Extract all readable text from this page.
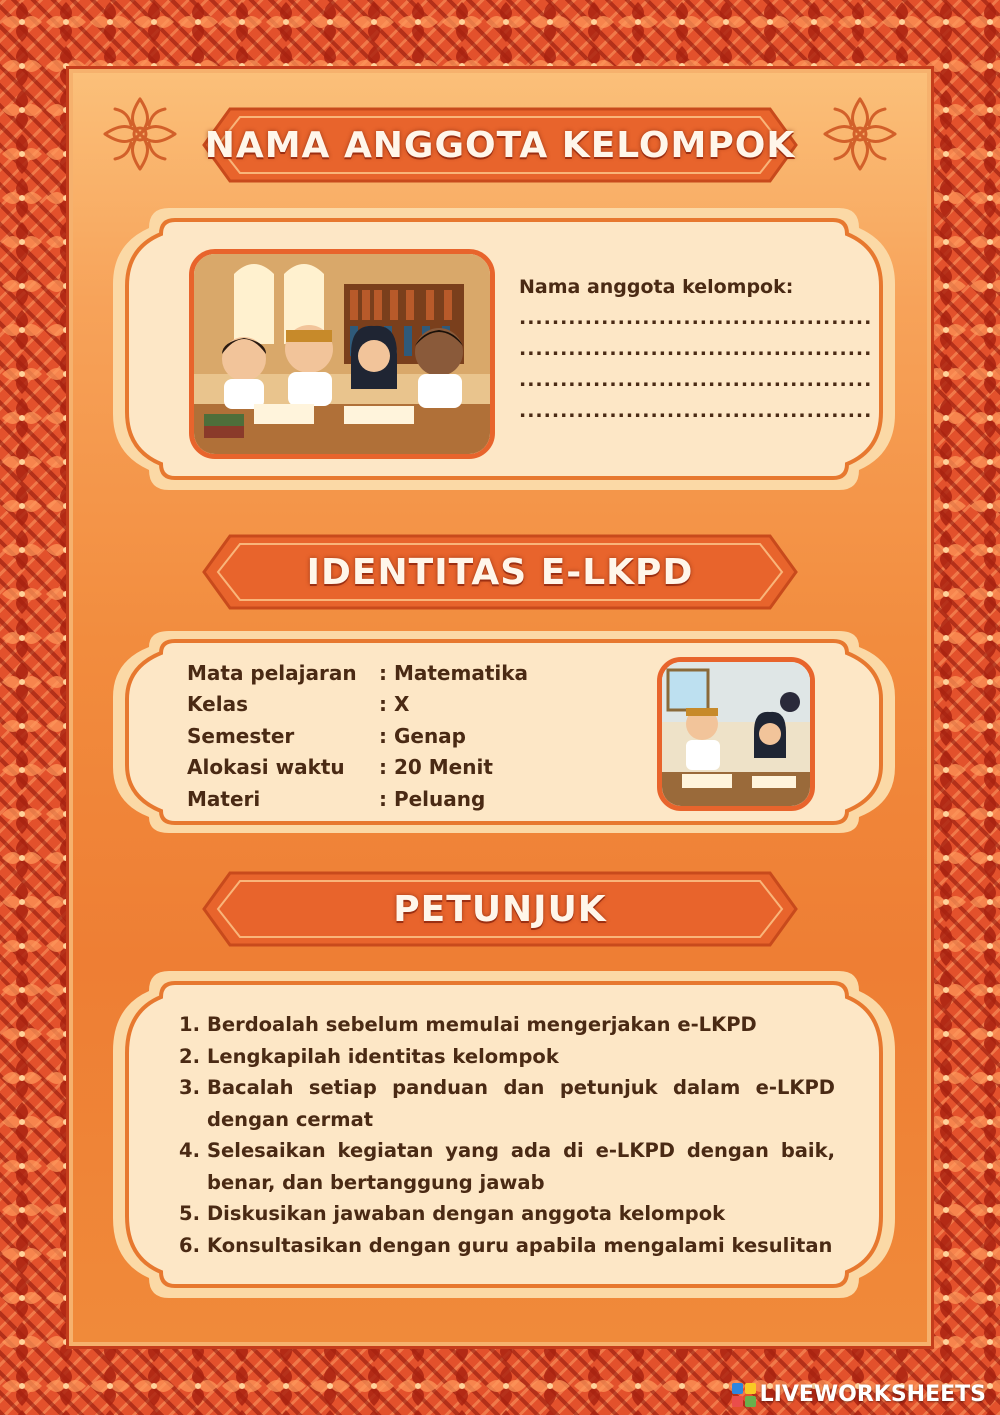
NAMA ANGGOTA KELOMPOK
Nama anggota kelompok:
...........................................
...........................................
...........................................
...........................................
IDENTITAS E-LKPD
Mata pelajaran	: Matematika
Kelas	: X
Semester	: Genap
Alokasi waktu	: 20 Menit
Materi	: Peluang
PETUNJUK
1. Berdoalah sebelum memulai mengerjakan e-LKPD
2. Lengkapilah identitas kelompok
3. Bacalah setiap panduan dan petunjuk dalam e-LKPD dengan cermat
4. Selesaikan kegiatan yang ada di e-LKPD dengan baik, benar, dan bertanggung jawab
5. Diskusikan jawaban dengan anggota kelompok
6. Konsultasikan dengan guru apabila mengalami kesulitan
LIVEWORKSHEETS
